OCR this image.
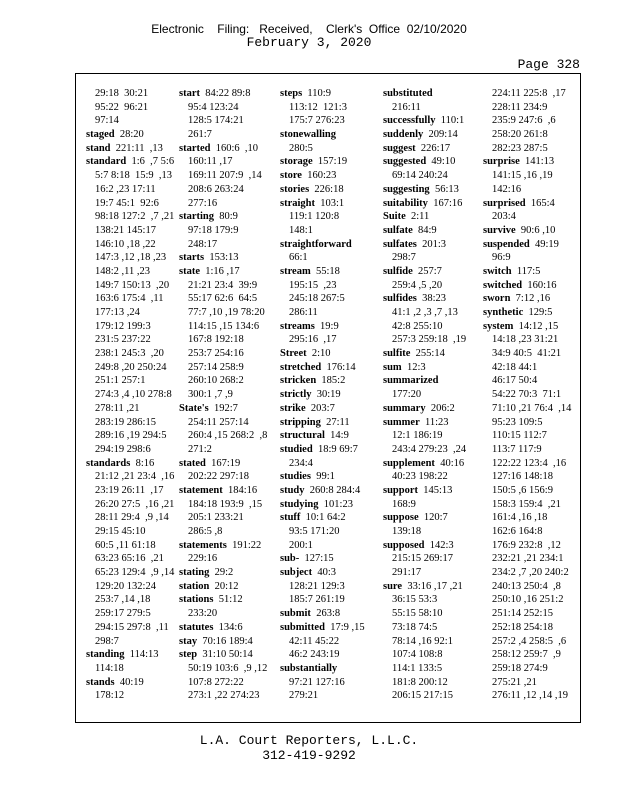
Electronic    Filing:   Received,    Clerk's  Office  02/10/2020
February 3, 2020
Page 328
29:18  30:21
95:22  96:21
97:14
staged  28:20
stand  221:11  ,13
standard  1:6  ,7 5:6
5:7 8:18  15:9  ,13
16:2 ,23 17:11
19:7 45:1  92:6
98:18 127:2  ,7 ,21
138:21 145:17
146:10 ,18 ,22
147:3 ,12 ,18 ,23
148:2 ,11 ,23
149:7 150:13  ,20
163:6 175:4  ,11
177:13 ,24
179:12 199:3
231:5 237:22
238:1 245:3  ,20
249:8 ,20 250:24
251:1 257:1
274:3 ,4 ,10 278:8
278:11 ,21
283:19 286:15
289:16 ,19 294:5
294:19 298:6
standards  8:16
21:12 ,21 23:4  ,16
23:19 26:11  ,17
26:20 27:5  ,16 ,21
28:11 29:4  ,9 ,14
29:15 45:10
60:5 ,11 61:18
63:23 65:16  ,21
65:23 129:4  ,9 ,14
129:20 132:24
253:7 ,14 ,18
259:17 279:5
294:15 297:8  ,11
298:7
standing  114:13
114:18
stands  40:19
178:12
start  84:22 89:8
95:4 123:24
128:5 174:21
261:7
started  160:6  ,10
160:11 ,17
169:11 207:9  ,14
208:6 263:24
277:16
starting  80:9
97:18 179:9
248:17
starts  153:13
state  1:16 ,17
21:21 23:4  39:9
55:17 62:6  64:5
77:7 ,10 ,19 78:20
114:15 ,15 134:6
167:8 192:18
253:7 254:16
257:14 258:9
260:10 268:2
300:1 ,7 ,9
State's  192:7
254:11 257:14
260:4 ,15 268:2  ,8
271:2
stated  167:19
202:22 297:18
statement  184:16
184:18 193:9  ,15
205:1 233:21
286:5 ,8
statements  191:22
229:16
stating  29:2
station  20:12
stations  51:12
233:20
statutes  134:6
stay  70:16 189:4
step  31:10 50:14
50:19 103:6  ,9 ,12
107:8 272:22
273:1 ,22 274:23
steps  110:9
113:12  121:3
175:7 276:23
stonewalling
280:5
storage  157:19
store  160:23
stories  226:18
straight  103:1
119:1 120:8
148:1
straightforward
66:1
stream  55:18
195:15  ,23
245:18 267:5
286:11
streams  19:9
295:16  ,17
Street  2:10
stretched  176:14
stricken  185:2
strictly  30:19
strike  203:7
stripping  27:11
structural  14:9
studied  18:9 69:7
234:4
studies  99:1
study  260:8 284:4
studying  101:23
stuff  10:1 64:2
93:5 171:20
200:1
sub-  127:15
subject  40:3
128:21 129:3
185:7 261:19
submit  263:8
submitted  17:9 ,15
42:11 45:22
46:2 243:19
substantially
97:21 127:16
279:21
substituted
216:11
successfully  110:1
suddenly  209:14
suggest  226:17
suggested  49:10
69:14 240:24
suggesting  56:13
suitability  167:16
Suite  2:11
sulfate  84:9
sulfates  201:3
298:7
sulfide  257:7
259:4 ,5 ,20
sulfides  38:23
41:1 ,2 ,3 ,7 ,13
42:8 255:10
257:3 259:18  ,19
sulfite  255:14
sum  12:3
summarized
177:20
summary  206:2
summer  11:23
12:1 186:19
243:4 279:23  ,24
supplement  40:16
40:23 198:22
support  145:13
168:9
suppose  120:7
139:18
supposed  142:3
215:15 269:17
291:17
sure  33:16 ,17 ,21
36:15 53:3
55:15 58:10
73:18 74:5
78:14 ,16 92:1
107:4 108:8
114:1 133:5
181:8 200:12
206:15 217:15
224:11 225:8  ,17
228:11 234:9
235:9 247:6  ,6
258:20 261:8
282:23 287:5
surprise  141:13
141:15 ,16 ,19
142:16
surprised  165:4
203:4
survive  90:6 ,10
suspended  49:19
96:9
switch  117:5
switched  160:16
sworn  7:12 ,16
synthetic  129:5
system  14:12 ,15
14:18 ,23 31:21
34:9 40:5  41:21
42:18 44:1
46:17 50:4
54:22 70:3  71:1
71:10 ,21 76:4  ,14
95:23 109:5
110:15 112:7
113:7 117:9
122:22 123:4  ,16
127:16 148:18
150:5 ,6 156:9
158:3 159:4  ,21
161:4 ,16 ,18
162:6 164:8
176:9 232:8  ,12
232:21 ,21 234:1
234:2 ,7 ,20 240:2
240:13 250:4  ,8
250:10 ,16 251:2
251:14 252:15
252:18 254:18
257:2 ,4 258:5  ,6
258:12 259:7  ,9
259:18 274:9
275:21 ,21
276:11 ,12 ,14 ,19
L.A. Court Reporters, L.L.C.
312-419-9292
